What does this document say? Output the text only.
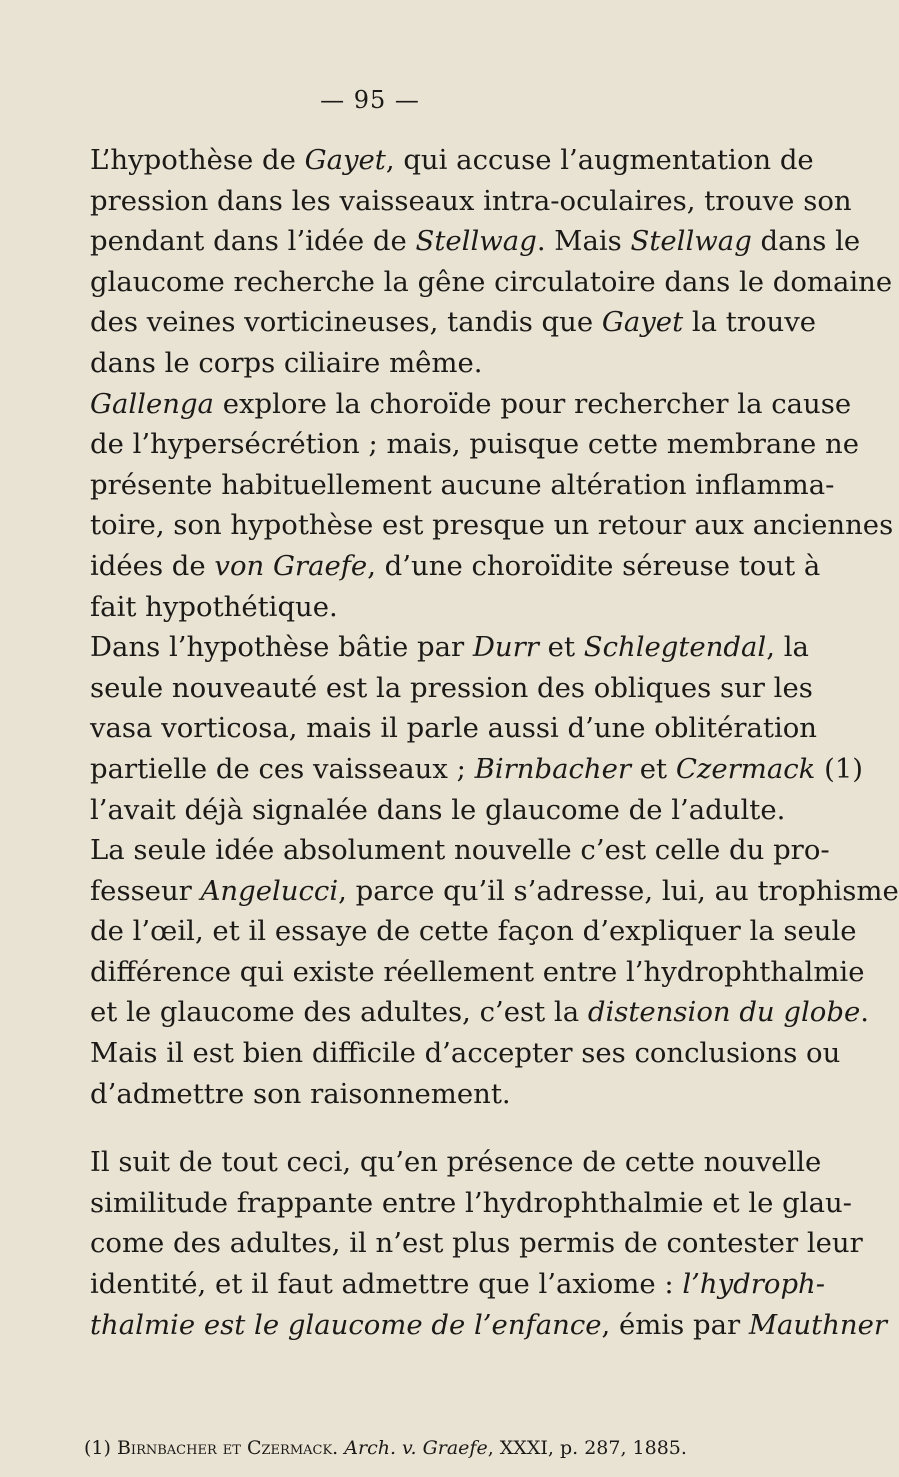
— 95 —

L’hypothèse de Gayet, qui accuse l’augmentation de
pression dans les vaisseaux intra-oculaires, trouve son
pendant dans l’idée de Stellwag. Mais Stellwag dans le
glaucome recherche la gêne circulatoire dans le domaine
des veines vorticineuses, tandis que Gayet la trouve
dans le corps ciliaire même.

Gallenga explore la choroïde pour rechercher la cause
de l’hypersécrétion ; mais, puisque cette membrane ne
présente habituellement aucune altération inflamma-
toire, son hypothèse est presque un retour aux anciennes
idées de von Graefe, d’une choroïdite séreuse tout à
fait hypothétique.

Dans l’hypothèse bâtie par Durr et Schlegtendal, la
seule nouveauté est la pression des obliques sur les
vasa vorticosa, mais il parle aussi d’une oblitération
partielle de ces vaisseaux ; Birnbacher et Czermack (1)
l’avait déjà signalée dans le glaucome de l’adulte.

La seule idée absolument nouvelle c’est celle du pro-
fesseur Angelucci, parce qu’il s’adresse, lui, au trophisme
de l’œil, et il essaye de cette façon d’expliquer la seule
différence qui existe réellement entre l’hydrophthalmie
et le glaucome des adultes, c’est la distension du globe.
Mais il est bien difficile d’accepter ses conclusions ou
d’admettre son raisonnement.

Il suit de tout ceci, qu’en présence de cette nouvelle
similitude frappante entre l’hydrophthalmie et le glau-
come des adultes, il n’est plus permis de contester leur
identité, et il faut admettre que l’axiome : l’hydroph-
thalmie est le glaucome de l’enfance, émis par Mauthner

(1) Birnbacher et Czermack. Arch. v. Graefe, XXXI, p. 287, 1885.
